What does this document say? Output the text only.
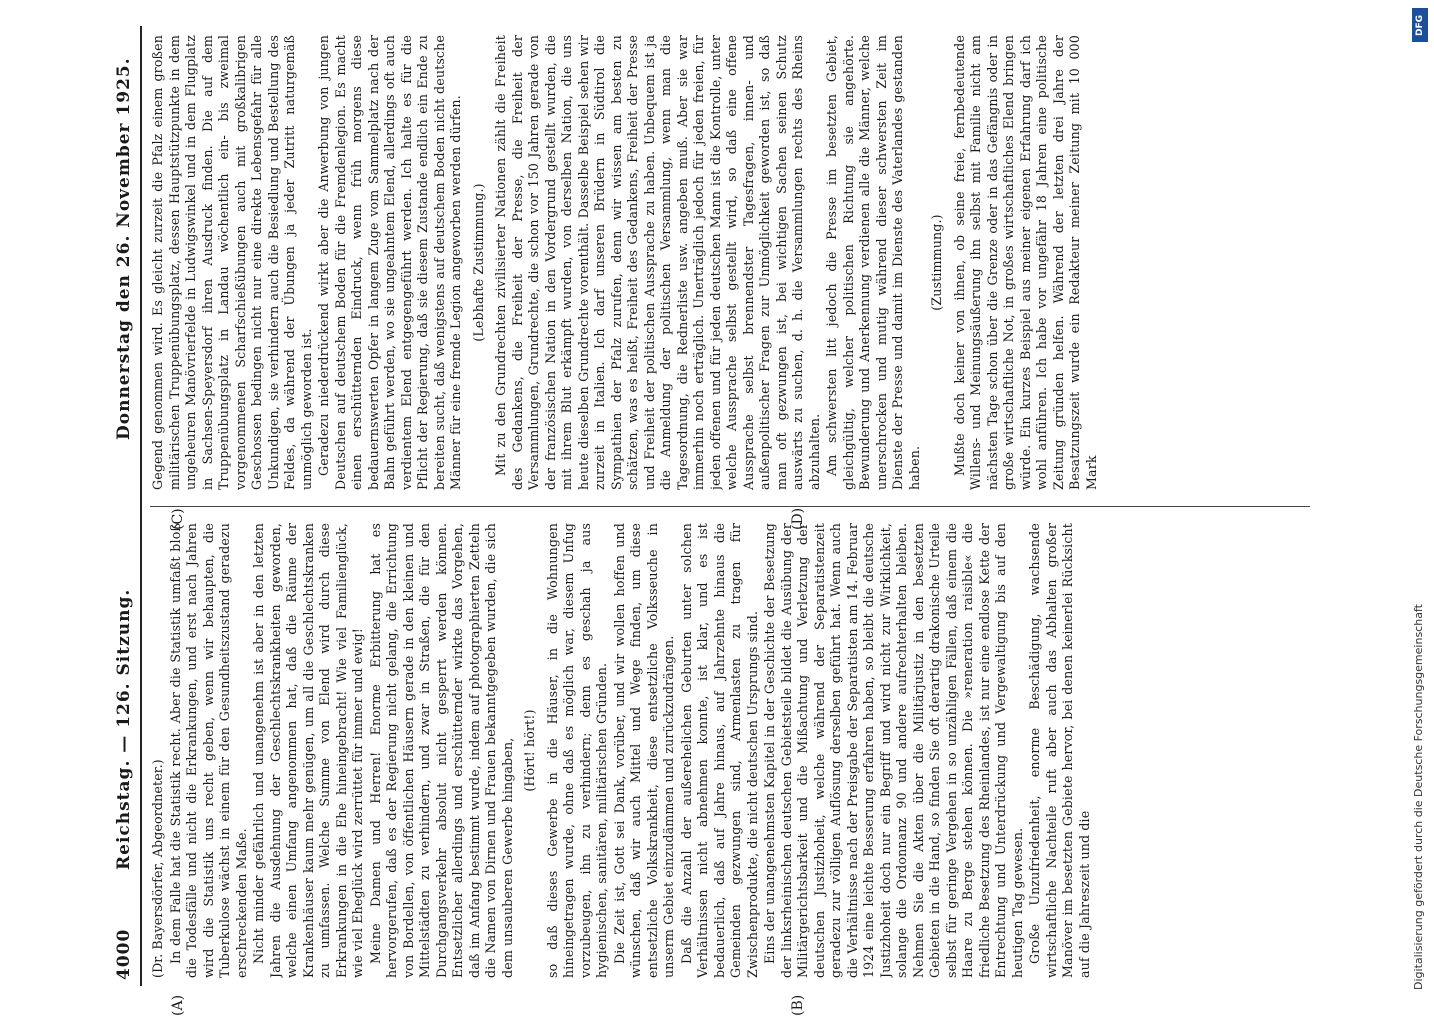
4000
Reichstag. — 126. Sitzung.
Donnerstag den 26. November 1925.

(Dr. Bayersdörfer, Abgeordneter.) In dem Falle hat die Statistik recht. Aber die Statistik umfaßt bloß die Todesfälle und nicht die Erkrankungen, und erst nach Jahren wird die Statistik uns recht geben, wenn wir behaupten, die Tuberkulose wächst in einem für den Gesundheitszustand geradezu erschreckenden Maße. Nicht minder gefährlich und unangenehm ist aber in den letzten Jahren die Ausdehnung der Geschlechtskrankheiten geworden, welche einen Umfang angenommen hat, daß die Räume der Krankenhäuser kaum mehr genügen, um all die Geschlechtskranken zu umfassen. Welche Summe von Elend wird durch diese Erkrankungen in die Ehe hineingebracht! Wie viel Familienglück, wie viel Eheglück wird zerrüttet für immer und ewig! Meine Damen und Herren! Enorme Erbitterung hat es hervorgerufen, daß es der Regierung nicht gelang, die Errichtung von Bordellen, von öffentlichen Häusern gerade in den kleinen und Mittelstädten zu verhindern, und zwar in Straßen, die für den Durchgangsverkehr absolut nicht gesperrt werden können. Entsetzlicher allerdings und erschütternder wirkte das Vorgehen, daß im Anfang bestimmt wurde, indem auf photographierten Zetteln die Namen von Dirnen und Frauen bekanntgegeben wurden, die sich dem unsauberen Gewerbe hingaben, (Hört! hört!) so daß dieses Gewerbe in die Häuser, in die Wohnungen hineingetragen wurde, ohne daß es möglich war, diesem Unfug vorzubeugen, ihn zu verhindern; denn es geschah ja aus hygienischen, sanitären, militärischen Gründen. Die Zeit ist, Gott sei Dank, vorüber, und wir wollen hoffen und wünschen, daß wir auch Mittel und Wege finden, um diese entsetzliche Volkskrankheit, diese entsetzliche Volksseuche in unserm Gebiet einzudämmen und zurückzudrängen. Daß die Anzahl der außerehelichen Geburten unter solchen Verhältnissen nicht abnehmen konnte, ist klar, und es ist bedauerlich, daß auf Jahre hinaus, auf Jahrzehnte hinaus die Gemeinden gezwungen sind, Armenlasten zu tragen für Zwischenprodukte, die nicht deutschen Ursprungs sind. Eins der unangenehmsten Kapitel in der Geschichte der Besetzung der linksrheinischen deutschen Gebietsteile bildet die Ausübung der Militärgerichtsbarkeit und die Mißachtung und Verletzung der deutschen Justizhoheit, welche während der Separatistenzeit geradezu zur völligen Auflösung derselben geführt hat. Wenn auch die Verhältnisse nach der Preisgabe der Separatisten am 14. Februar 1924 eine leichte Besserung erfahren haben, so bleibt die deutsche Justizhoheit doch nur ein Begriff und wird nicht zur Wirklichkeit, solange die Ordonnanz 90 und andere aufrechterhalten bleiben. Nehmen Sie die Akten über die Militärjustiz in den besetzten Gebieten in die Hand, so finden Sie oft derartig drakonische Urteile selbst für geringe Vergehen in so unzähligen Fällen, daß einem die Haare zu Berge stehen können. Die »reneration raisible« die friedliche Besetzung des Rheinlandes, ist nur eine endlose Kette der Entrechtung und Unterdrückung und Vergewaltigung bis auf den heutigen Tag gewesen. Große Unzufriedenheit, enorme Beschädigung, wachsende wirtschaftliche Nachteile ruft aber auch das Abhalten großer Manöver im besetzten Gebiete hervor, bei denen keinerlei Rücksicht auf die Jahreszeit und die

Gegend genommen wird. Es gleicht zurzeit die Pfalz einem großen militärischen Truppenübungsplatz, dessen Hauptstützpunkte in dem ungeheuren Manövrierfelde in Ludwigswinkel und in dem Flugplatz in Sachsen-Speyersdorf ihren Ausdruck finden. Die auf dem Truppenübungsplatz in Landau wöchentlich ein- bis zweimal vorgenommenen Scharfschießübungen auch mit großkalibrigen Geschossen bedingen nicht nur eine direkte Lebensgefahr für alle Unkundigen, sie verhindern auch die Besiedlung und Bestellung des Feldes, da während der Übungen ja jeder Zutritt naturgemäß unmöglich geworden ist. Geradezu niederdrückend wirkt aber die Anwerbung von jungen Deutschen auf deutschem Boden für die Fremdenlegion. Es macht einen erschütternden Eindruck, wenn früh morgens diese bedauernswerten Opfer in langem Zuge vom Sammelplatz nach der Bahn geführt werden, wo sie ungeahntem Elend, allerdings oft auch verdientem Elend entgegengeführt werden. Ich halte es für die Pflicht der Regierung, daß sie diesem Zustande endlich ein Ende zu bereiten sucht, daß wenigstens auf deutschem Boden nicht deutsche Männer für eine fremde Legion angeworben werden dürfen. (Lebhafte Zustimmung.) Mit zu den Grundrechten zivilisierter Nationen zählt die Freiheit des Gedankens, die Freiheit der Presse, die Freiheit der Versammlungen, Grundrechte, die schon vor 150 Jahren gerade von der französischen Nation in den Vordergrund gestellt wurden, die mit ihrem Blut erkämpft wurden, von derselben Nation, die uns heute dieselben Grundrechte vorenthält. Dasselbe Beispiel sehen wir zurzeit in Italien. Ich darf unseren Brüdern in Südtirol die Sympathien der Pfalz zurufen, denn wir wissen am besten zu schätzen, was es heißt, Freiheit des Gedankens, Freiheit der Presse und Freiheit der politischen Aussprache zu haben. Unbequem ist ja die Anmeldung der politischen Versammlung, wenn man die Tagesordnung, die Rednerliste usw. angeben muß. Aber sie war immerhin noch erträglich. Unerträglich jedoch für jeden freien, für jeden offenen und für jeden deutschen Mann ist die Kontrolle, unter welche Aussprache selbst gestellt wird, so daß eine offene Aussprache selbst brennendster Tagesfragen, innen- und außenpolitischer Fragen zur Unmöglichkeit geworden ist, so daß man oft gezwungen ist, bei wichtigen Sachen seinen Schutz auswärts zu suchen, d. h. die Versammlungen rechts des Rheins abzuhalten. Am schwersten litt jedoch die Presse im besetzten Gebiet, gleichgültig, welcher politischen Richtung sie angehörte. Bewunderung und Anerkennung verdienen alle die Männer, welche unerschrocken und mutig während dieser schwersten Zeit im Dienste der Presse und damit im Dienste des Vaterlandes gestanden haben.

(Zustimmung.) Mußte doch keiner von ihnen, ob seine freie, fernbedeutende Willens- und Meinungsäußerung ihn selbst mit Familie nicht am nächsten Tage schon über die Grenze oder in das Gefängnis oder in große wirtschaftliche Not, in großes wirtschaftliches Elend bringen würde. Ein kurzes Beispiel aus meiner eigenen Erfahrung darf ich wohl anführen. Ich habe vor ungefähr 18 Jahren eine politische Zeitung gründen helfen. Während der letzten drei Jahre der Besatzungszeit wurde ein Redakteur meiner Zeitung mit 10 000 Mark

(A)	(B)
(C)	(D)
Digitalisierung gefördert durch die Deutsche Forschungsgemeinschaft
DFG
